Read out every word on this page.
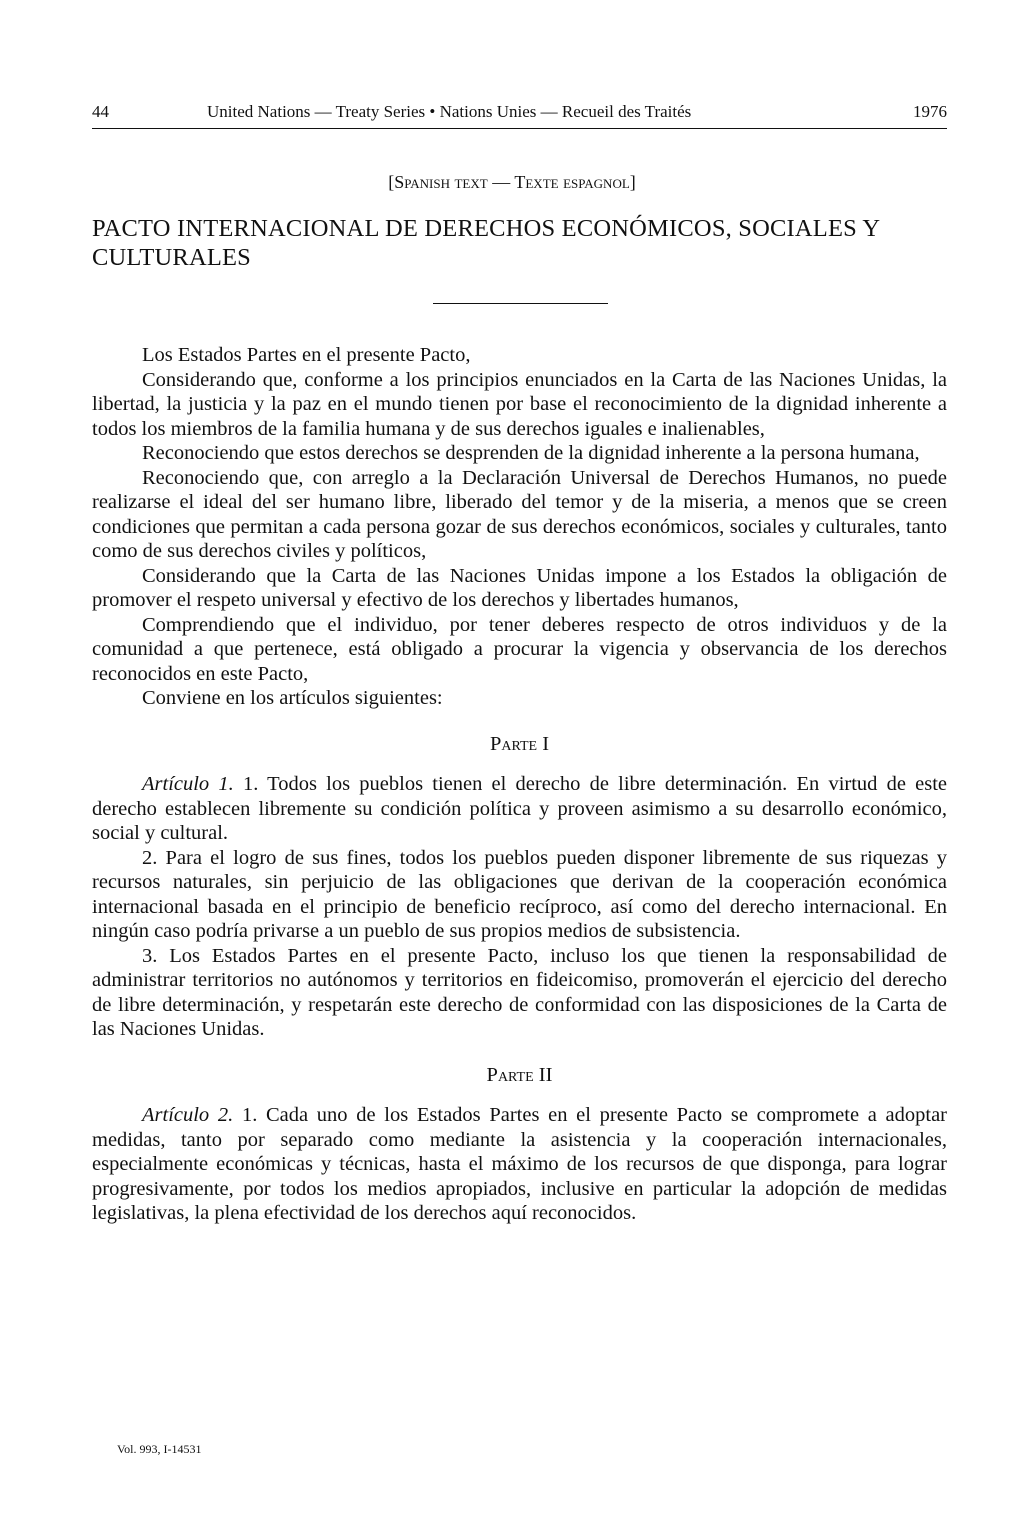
44	United Nations — Treaty Series • Nations Unies — Recueil des Traités	1976
[Spanish text — Texte espagnol]
PACTO INTERNACIONAL DE DERECHOS ECONÓMICOS, SOCIALES Y CULTURALES

Los Estados Partes en el presente Pacto,

Considerando que, conforme a los principios enunciados en la Carta de las Naciones Unidas, la libertad, la justicia y la paz en el mundo tienen por base el reconocimiento de la dignidad inherente a todos los miembros de la familia humana y de sus derechos iguales e inalienables,

Reconociendo que estos derechos se desprenden de la dignidad inherente a la persona humana,

Reconociendo que, con arreglo a la Declaración Universal de Derechos Humanos, no puede realizarse el ideal del ser humano libre, liberado del temor y de la miseria, a menos que se creen condiciones que permitan a cada persona gozar de sus derechos económicos, sociales y culturales, tanto como de sus derechos civiles y políticos,

Considerando que la Carta de las Naciones Unidas impone a los Estados la obligación de promover el respeto universal y efectivo de los derechos y libertades humanos,

Comprendiendo que el individuo, por tener deberes respecto de otros individuos y de la comunidad a que pertenece, está obligado a procurar la vigencia y observancia de los derechos reconocidos en este Pacto,

Conviene en los artículos siguientes:

Parte I

Artículo 1. 1. Todos los pueblos tienen el derecho de libre determinación. En virtud de este derecho establecen libremente su condición política y proveen asimismo a su desarrollo económico, social y cultural.

2. Para el logro de sus fines, todos los pueblos pueden disponer libremente de sus riquezas y recursos naturales, sin perjuicio de las obligaciones que derivan de la cooperación económica internacional basada en el principio de beneficio recíproco, así como del derecho internacional. En ningún caso podría privarse a un pueblo de sus propios medios de subsistencia.

3. Los Estados Partes en el presente Pacto, incluso los que tienen la responsabilidad de administrar territorios no autónomos y territorios en fideicomiso, promoverán el ejercicio del derecho de libre determinación, y respetarán este derecho de conformidad con las disposiciones de la Carta de las Naciones Unidas.

Parte II

Artículo 2. 1. Cada uno de los Estados Partes en el presente Pacto se compromete a adoptar medidas, tanto por separado como mediante la asistencia y la cooperación internacionales, especialmente económicas y técnicas, hasta el máximo de los recursos de que disponga, para lograr progresivamente, por todos los medios apropiados, inclusive en particular la adopción de medidas legislativas, la plena efectividad de los derechos aquí reconocidos.

Vol. 993, I-14531
